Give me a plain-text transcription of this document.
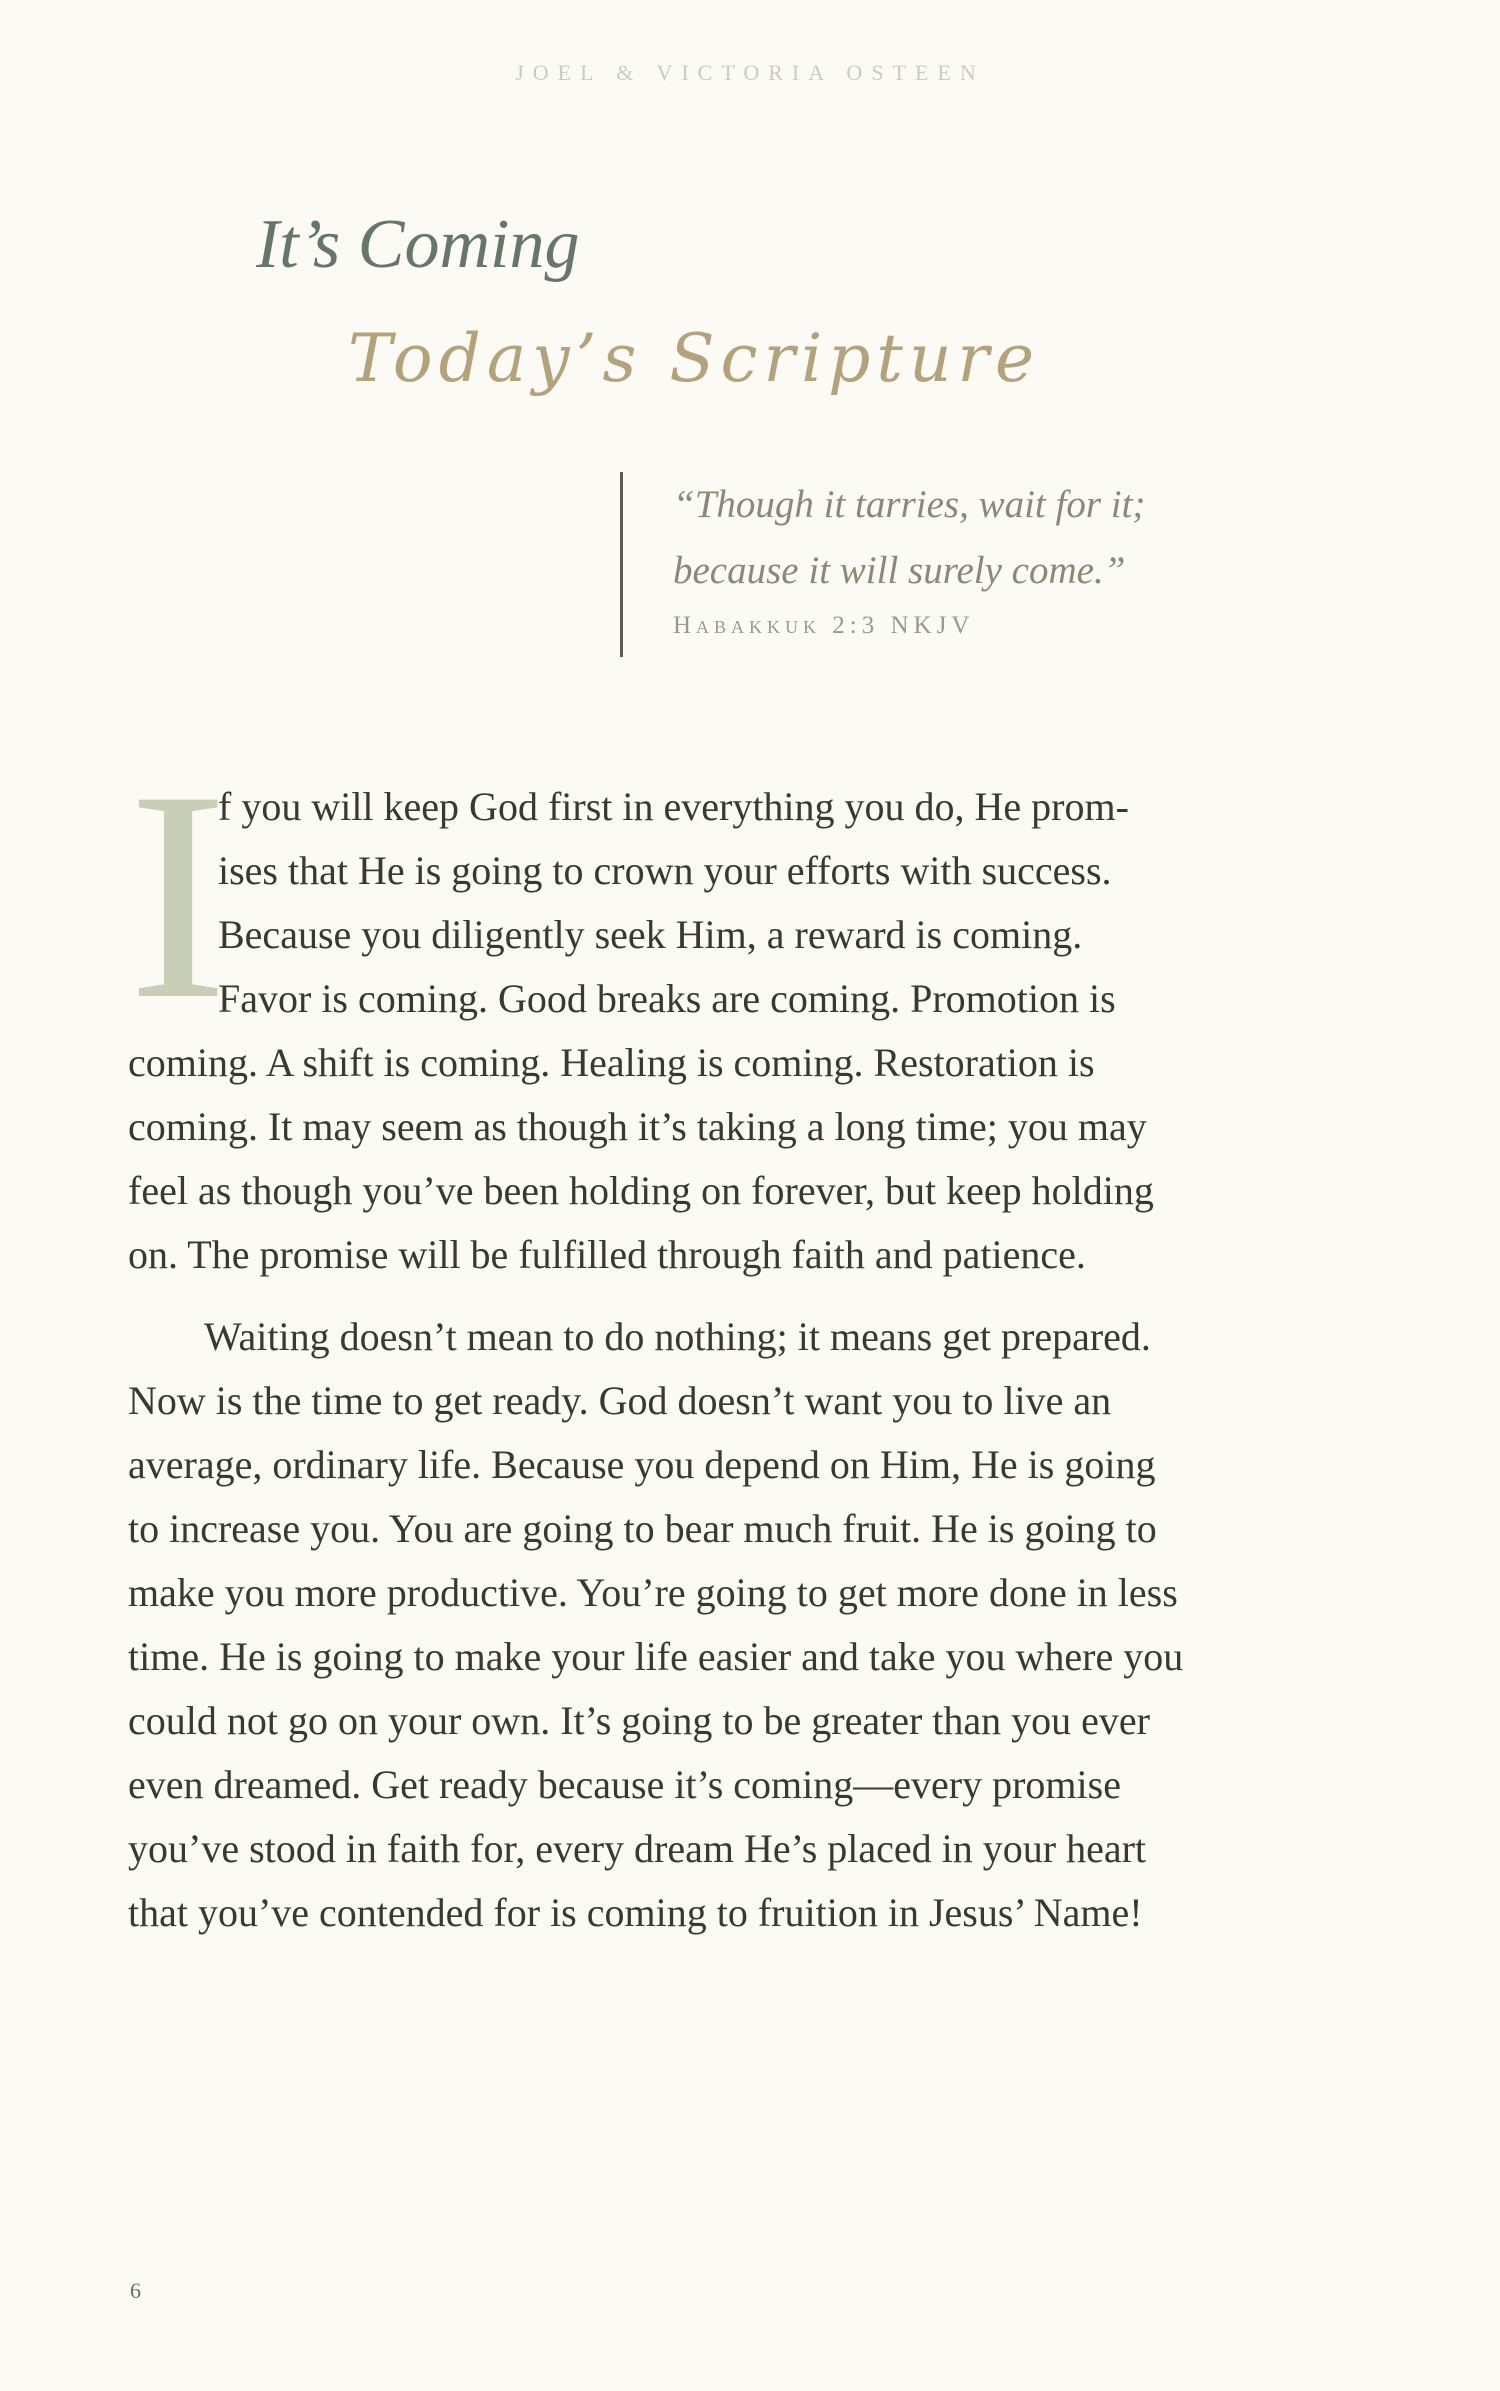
JOEL & VICTORIA OSTEEN
It’s Coming
Today’s Scripture

“Though it tarries, wait for it;

because it will surely come.”

Habakkuk 2:3 NKJV
I
f you will keep God first in everything you do, He prom-
ises that He is going to crown your efforts with success.
Because you diligently seek Him, a reward is coming.
Favor is coming. Good breaks are coming. Promotion is
coming. A shift is coming. Healing is coming. Restoration is
coming. It may seem as though it’s taking a long time; you may
feel as though you’ve been holding on forever, but keep holding
on. The promise will be fulfilled through faith and patience.
Waiting doesn’t mean to do nothing; it means get prepared.
Now is the time to get ready. God doesn’t want you to live an
average, ordinary life. Because you depend on Him, He is going
to increase you. You are going to bear much fruit. He is going to
make you more productive. You’re going to get more done in less
time. He is going to make your life easier and take you where you
could not go on your own. It’s going to be greater than you ever
even dreamed. Get ready because it’s coming—every promise
you’ve stood in faith for, every dream He’s placed in your heart
that you’ve contended for is coming to fruition in Jesus’ Name!
6
